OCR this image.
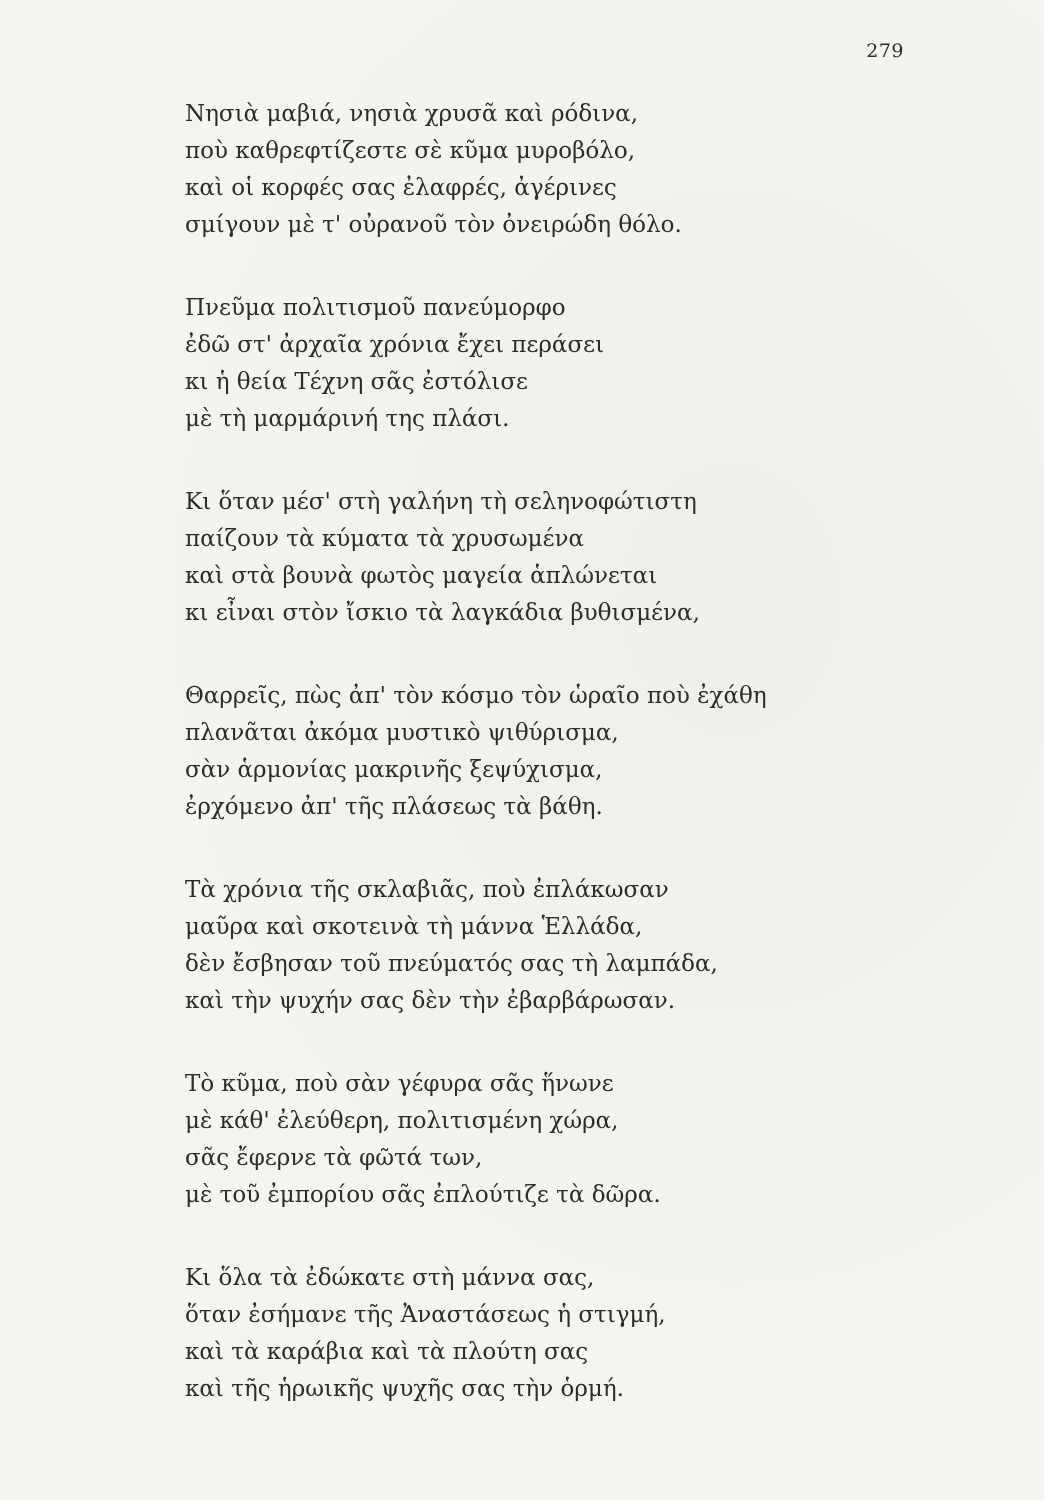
279
Νησιὰ μαβιά, νησιὰ χρυσᾶ καὶ ρόδινα,
ποὺ καθρεφτίζεστε σὲ κῦμα μυροβόλο,
καὶ οἱ κορφές σας ἐλαφρές, ἀγέρινες
σμίγουν μὲ τ' οὐρανοῦ τὸν ὀνειρώδη θόλο.
Πνεῦμα πολιτισμοῦ πανεύμορφο
ἐδῶ στ' ἀρχαῖα χρόνια ἔχει περάσει
κι ἡ θεία Τέχνη σᾶς ἐστόλισε
μὲ τὴ μαρμάρινή της πλάσι.
Κι ὅταν μέσ' στὴ γαλήνη τὴ σεληνοφώτιστη
παίζουν τὰ κύματα τὰ χρυσωμένα
καὶ στὰ βουνὰ φωτὸς μαγεία ἁπλώνεται
κι εἶναι στὸν ἴσκιο τὰ λαγκάδια βυθισμένα,
Θαρρεῖς, πὼς ἀπ' τὸν κόσμο τὸν ὡραῖο ποὺ ἐχάθη
πλανᾶται ἀκόμα μυστικὸ ψιθύρισμα,
σὰν ἁρμονίας μακρινῆς ξεψύχισμα,
ἐρχόμενο ἀπ' τῆς πλάσεως τὰ βάθη.
Τὰ χρόνια τῆς σκλαβιᾶς, ποὺ ἐπλάκωσαν
μαῦρα καὶ σκοτεινὰ τὴ μάννα Ἑλλάδα,
δὲν ἔσβησαν τοῦ πνεύματός σας τὴ λαμπάδα,
καὶ τὴν ψυχήν σας δὲν τὴν ἐβαρβάρωσαν.
Τὸ κῦμα, ποὺ σὰν γέφυρα σᾶς ἥνωνε
μὲ κάθ' ἐλεύθερη, πολιτισμένη χώρα,
σᾶς ἔφερνε τὰ φῶτά των,
μὲ τοῦ ἐμπορίου σᾶς ἐπλούτιζε τὰ δῶρα.
Κι ὅλα τὰ ἐδώκατε στὴ μάννα σας,
ὅταν ἐσήμανε τῆς Ἀναστάσεως ἡ στιγμή,
καὶ τὰ καράβια καὶ τὰ πλούτη σας
καὶ τῆς ἡρωικῆς ψυχῆς σας τὴν ὁρμή.
